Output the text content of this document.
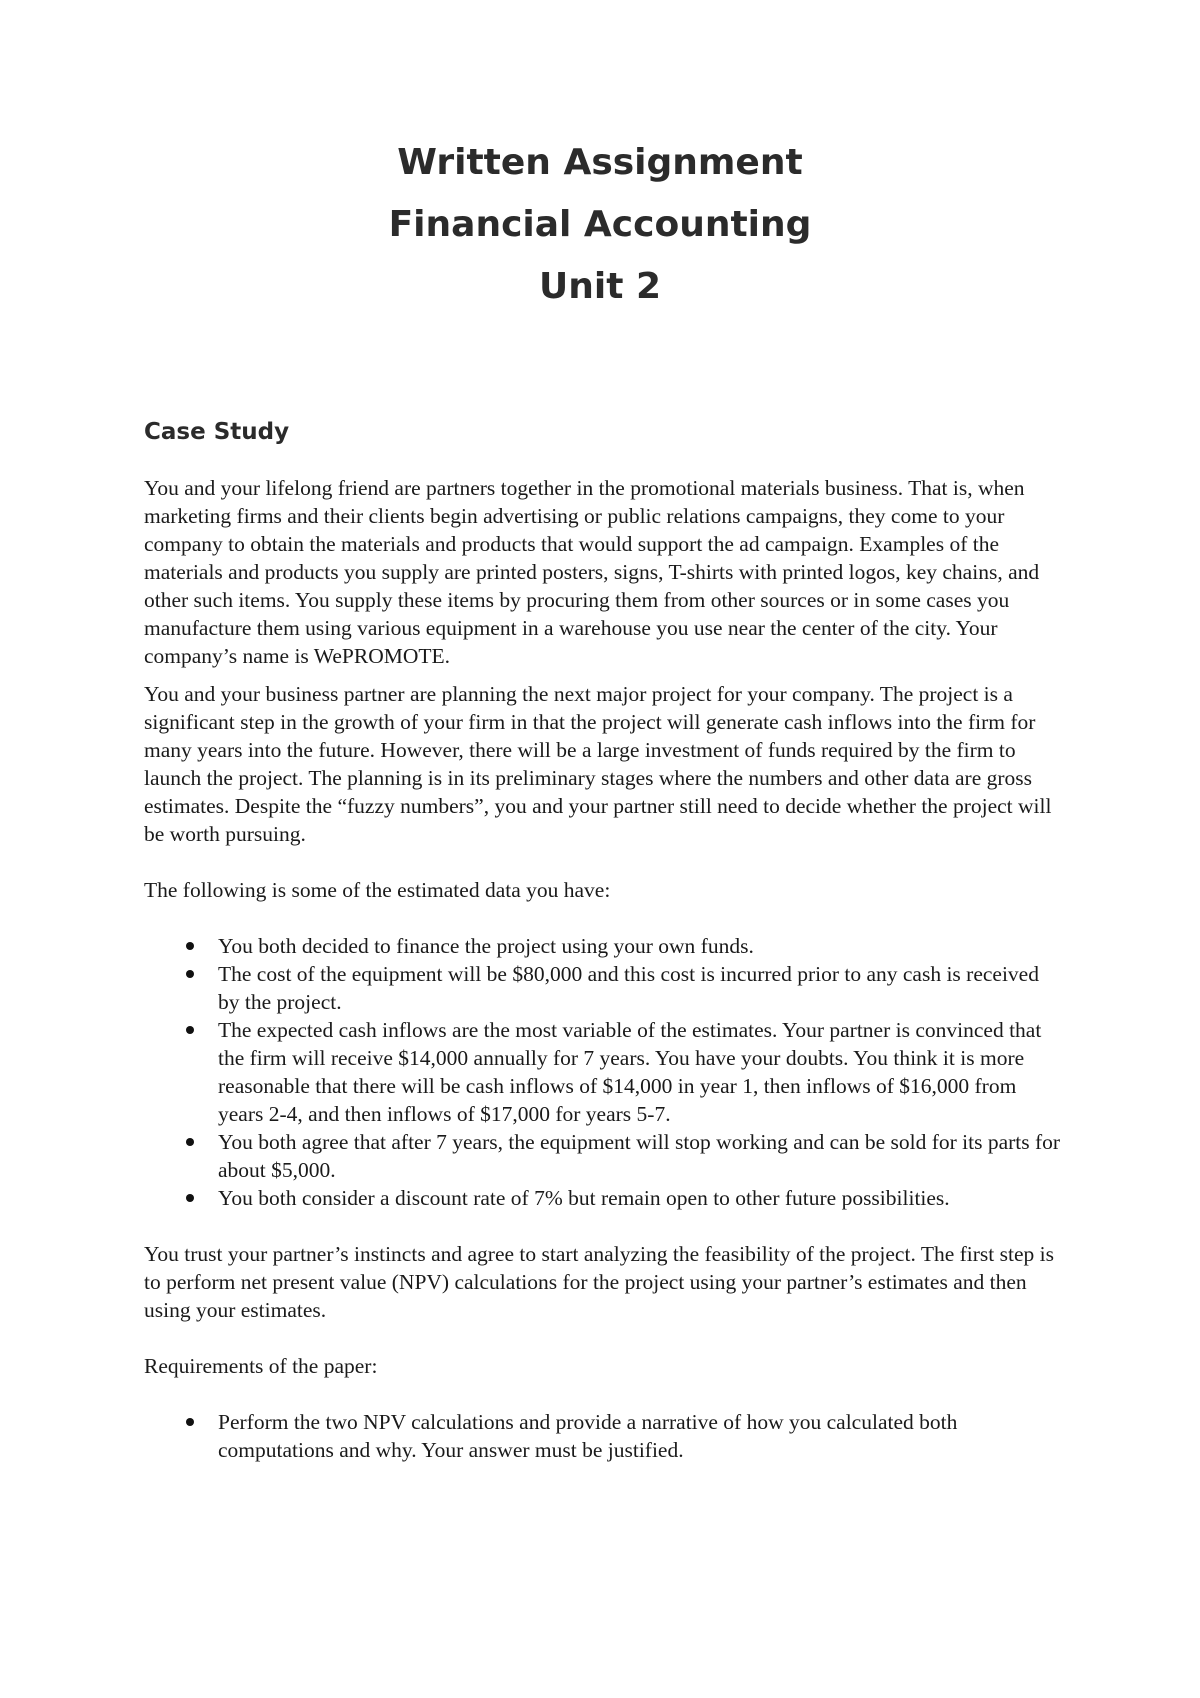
Written Assignment
Financial Accounting
Unit 2
Case Study

You and your lifelong friend are partners together in the promotional materials business. That is, when marketing firms and their clients begin advertising or public relations campaigns, they come to your company to obtain the materials and products that would support the ad campaign. Examples of the materials and products you supply are printed posters, signs, T-shirts with printed logos, key chains, and other such items. You supply these items by procuring them from other sources or in some cases you manufacture them using various equipment in a warehouse you use near the center of the city. Your company’s name is WePROMOTE.

You and your business partner are planning the next major project for your company. The project is a significant step in the growth of your firm in that the project will generate cash inflows into the firm for many years into the future. However, there will be a large investment of funds required by the firm to launch the project. The planning is in its preliminary stages where the numbers and other data are gross estimates. Despite the “fuzzy numbers”, you and your partner still need to decide whether the project will be worth pursuing.

The following is some of the estimated data you have:

You both decided to finance the project using your own funds.
The cost of the equipment will be $80,000 and this cost is incurred prior to any cash is received by the project.
The expected cash inflows are the most variable of the estimates. Your partner is convinced that the firm will receive $14,000 annually for 7 years. You have your doubts. You think it is more reasonable that there will be cash inflows of $14,000 in year 1, then inflows of $16,000 from years 2-4, and then inflows of $17,000 for years 5-7.
You both agree that after 7 years, the equipment will stop working and can be sold for its parts for about $5,000.
You both consider a discount rate of 7% but remain open to other future possibilities.

You trust your partner’s instincts and agree to start analyzing the feasibility of the project. The first step is to perform net present value (NPV) calculations for the project using your partner’s estimates and then using your estimates.

Requirements of the paper:

Perform the two NPV calculations and provide a narrative of how you calculated both computations and why. Your answer must be justified.
